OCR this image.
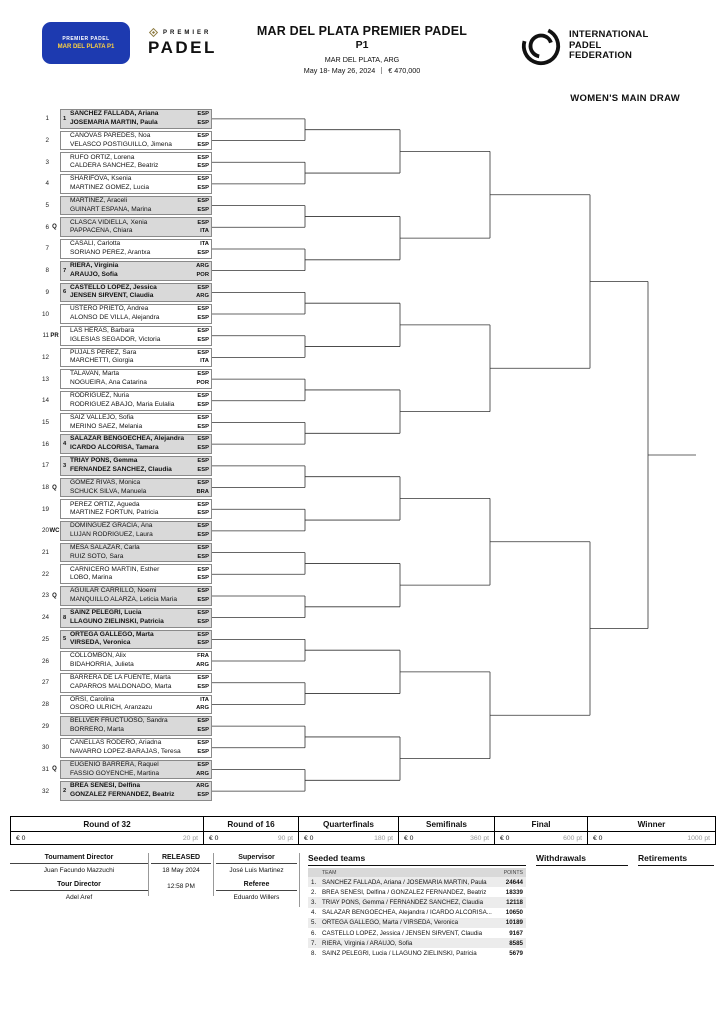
PREMIER PADEL
MAR DEL PLATA P1
PREMIER
PADEL
MAR DEL PLATA PREMIER PADEL
P1
MAR DEL PLATA, ARG
May 18- May 26, 2024 € 470,000
INTERNATIONAL
PADEL
FEDERATION
WOMEN'S MAIN DRAW
1 1
SANCHEZ FALLADA, Ariana	ESP
JOSEMARIA MARTIN, Paula	ESP
2
CANOVAS PAREDES, Noa	ESP
VELASCO POSTIGUILLO, Jimena	ESP
3
RUFO ORTIZ, Lorena	ESP
CALDERA SANCHEZ, Beatriz	ESP
4
SHARIFOVA, Ksenia	ESP
MARTINEZ GOMEZ, Lucia	ESP
5
MARTINEZ, Araceli	ESP
GUINART ESPAÑA, Marina	ESP
6 Q
CLASCA VIDIELLA, Xenia	ESP
PAPPACENA, Chiara	ITA
7
CASALI, Carlotta	ITA
SORIANO PEREZ, Arantxa	ESP
8 7
RIERA, Virginia	ARG
ARAUJO, Sofia	POR
9 6
CASTELLO LOPEZ, Jessica	ESP
JENSEN SIRVENT, Claudia	ARG
10
USTERO PRIETO, Andrea	ESP
ALONSO DE VILLA, Alejandra	ESP
11 PR
LAS HERAS, Barbara	ESP
IGLESIAS SEGADOR, Victoria	ESP
12
PUJALS PEREZ, Sara	ESP
MARCHETTI, Giorgia	ITA
13
TALAVAN, Marta	ESP
NOGUEIRA, Ana Catarina	POR
14
RODRIGUEZ, Nuria	ESP
RODRIGUEZ ABAJO, Maria Eulalia	ESP
15
SAIZ VALLEJO, Sofia	ESP
MERINO SAEZ, Melania	ESP
16 4
SALAZAR BENGOECHEA, Alejandra	ESP
ICARDO ALCORISA, Tamara	ESP
17 3
TRIAY PONS, Gemma	ESP
FERNANDEZ SANCHEZ, Claudia	ESP
18 Q
GOMEZ RIVAS, Monica	ESP
SCHUCK SILVA, Manuela	BRA
19
PEREZ ORTIZ, Agueda	ESP
MARTINEZ FORTUN, Patricia	ESP
20 WC
DOMINGUEZ GRACIA, Ana	ESP
LUJAN RODRIGUEZ, Laura	ESP
21
MESA SALAZAR, Carla	ESP
RUIZ SOTO, Sara	ESP
22
CARNICERO MARTIN, Esther	ESP
LOBO, Marina	ESP
23 Q
AGUILAR CARRILLO, Noemi	ESP
MANQUILLO ALARZA, Leticia Maria	ESP
24 8
SAINZ PELEGRI, Lucia	ESP
LLAGUNO ZIELINSKI, Patricia	ESP
25 5
ORTEGA GALLEGO, Marta	ESP
VIRSEDA, Veronica	ESP
26
COLLOMBON, Alix	FRA
BIDAHORRIA, Julieta	ARG
27
BARRERA DE LA FUENTE, Marta	ESP
CAPARROS MALDONADO, Marta	ESP
28
ORSI, Carolina	ITA
OSORO ULRICH, Aranzazu	ARG
29
BELLVER FRUCTUOSO, Sandra	ESP
BORRERO, Marta	ESP
30
CAÑELLAS RODERO, Ariadna	ESP
NAVARRO LOPEZ-BARAJAS, Teresa	ESP
31 Q
EUGENIO BARRERA, Raquel	ESP
FASSIO GOYENCHE, Martina	ARG
32 2
BREA SENESI, Delfina	ARG
GONZALEZ FERNANDEZ, Beatriz	ESP
Round of 32
€ 0	20 pt
Round of 16
€ 0	90 pt
Quarterfinals
€ 0	180 pt
Semifinals
€ 0	360 pt
Final
€ 0	600 pt
Winner
€ 0	1000 pt
Tournament Director
Juan Facundo Mazzuchi
Tour Director
Adel Aref
RELEASED
18 May 2024
12:58 PM
Supervisor
José Luis Martinez
Referee
Eduardo Willers
Seeded teams
TEAM	POINTS
1. SANCHEZ FALLADA, Ariana / JOSEMARIA MARTIN, Paula	24644
2. BREA SENESI, Delfina / GONZALEZ FERNANDEZ, Beatriz	18339
3. TRIAY PONS, Gemma / FERNANDEZ SANCHEZ, Claudia	12118
4. SALAZAR BENGOECHEA, Alejandra / ICARDO ALCORISA...	10650
5. ORTEGA GALLEGO, Marta / VIRSEDA, Veronica	10189
6. CASTELLO LOPEZ, Jessica / JENSEN SIRVENT, Claudia	9167
7. RIERA, Virginia / ARAUJO, Sofia	8585
8. SAINZ PELEGRI, Lucia / LLAGUNO ZIELINSKI, Patricia	5679
Withdrawals	Retirements
